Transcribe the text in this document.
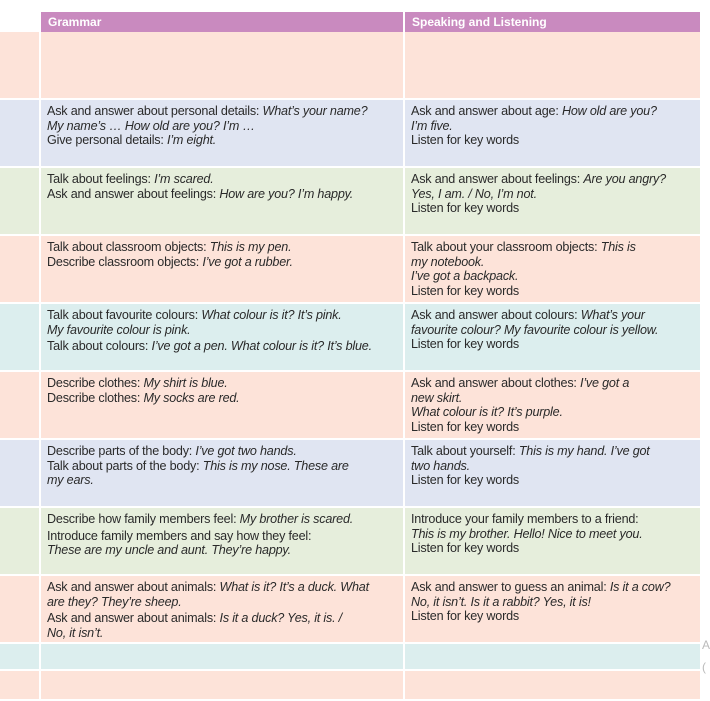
Grammar	Speaking and Listening
Ask and answer about personal details: What’s your name?
My name’s … How old are you? I’m …
Give personal details: I’m eight.
Ask and answer about age: How old are you?
I’m five.
Listen for key words
Talk about feelings: I’m scared.
Ask and answer about feelings: How are you? I’m happy.
Ask and answer about feelings: Are you angry?
Yes, I am. / No, I’m not.
Listen for key words
Talk about classroom objects: This is my pen.
Describe classroom objects: I’ve got a rubber.
Talk about your classroom objects: This is
my notebook.
I’ve got a backpack.
Listen for key words
Talk about favourite colours: What colour is it? It’s pink.
My favourite colour is pink.
Talk about colours: I’ve got a pen. What colour is it? It’s blue.
Ask and answer about colours: What’s your
favourite colour? My favourite colour is yellow.
Listen for key words
Describe clothes: My shirt is blue.
Describe clothes: My socks are red.
Ask and answer about clothes: I’ve got a
new skirt.
What colour is it? It’s purple.
Listen for key words
Describe parts of the body: I’ve got two hands.
Talk about parts of the body: This is my nose. These are
my ears.
Talk about yourself: This is my hand. I’ve got
two hands.
Listen for key words
Describe how family members feel: My brother is scared.
Introduce family members and say how they feel:
These are my uncle and aunt. They’re happy.
Introduce your family members to a friend:
This is my brother. Hello! Nice to meet you.
Listen for key words
Ask and answer about animals: What is it? It’s a duck. What
are they? They’re sheep.
Ask and answer about animals: Is it a duck? Yes, it is. /
No, it isn’t.
Ask and answer to guess an animal: Is it a cow?
No, it isn’t. Is it a rabbit? Yes, it is!
Listen for key words
A
(
